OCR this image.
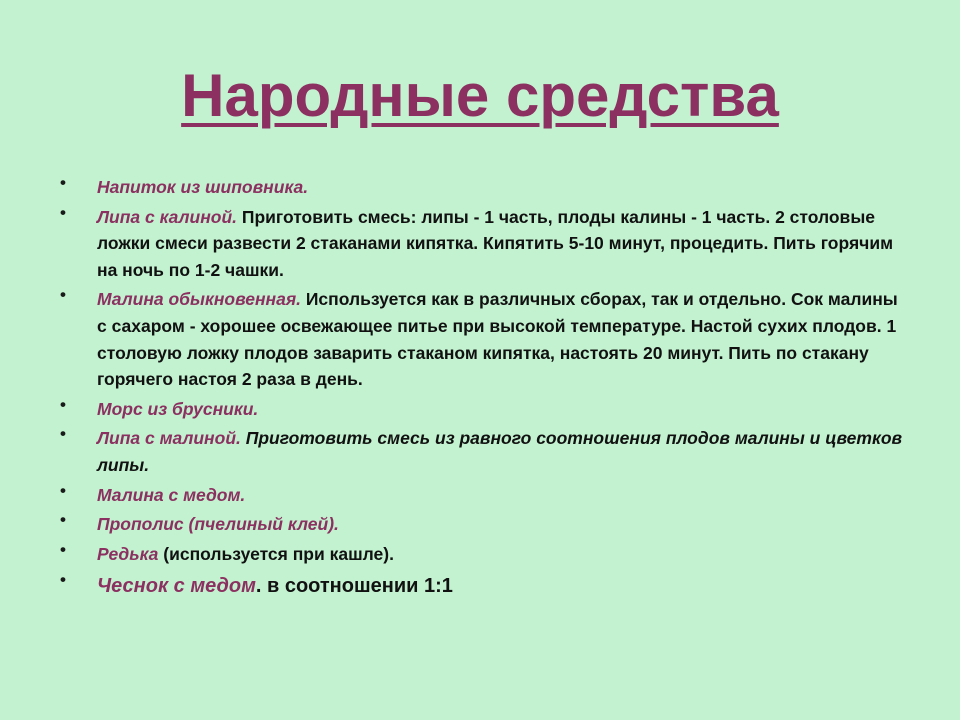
Народные средства
• Напиток из шиповника.
• Липа с калиной. Приготовить смесь: липы - 1 часть, плоды калины - 1 часть. 2 столовые ложки смеси развести 2 стаканами кипятка. Кипятить 5-10 минут, процедить. Пить горячим на ночь по 1-2 чашки.
• Малина обыкновенная. Используется как в различных сборах, так и отдельно. Сок малины с сахаром - хорошее освежающее питье при высокой температуре. Настой сухих плодов. 1 столовую ложку плодов заварить стаканом кипятка, настоять 20 минут. Пить по стакану горячего настоя 2 раза в день.
• Морс из брусники.
• Липа с малиной. Приготовить смесь из равного соотношения плодов малины и цветков липы.
• Малина с медом.
• Прополис (пчелиный клей).
• Редька (используется при кашле).
• Чеснок с медом. в соотношении 1:1
